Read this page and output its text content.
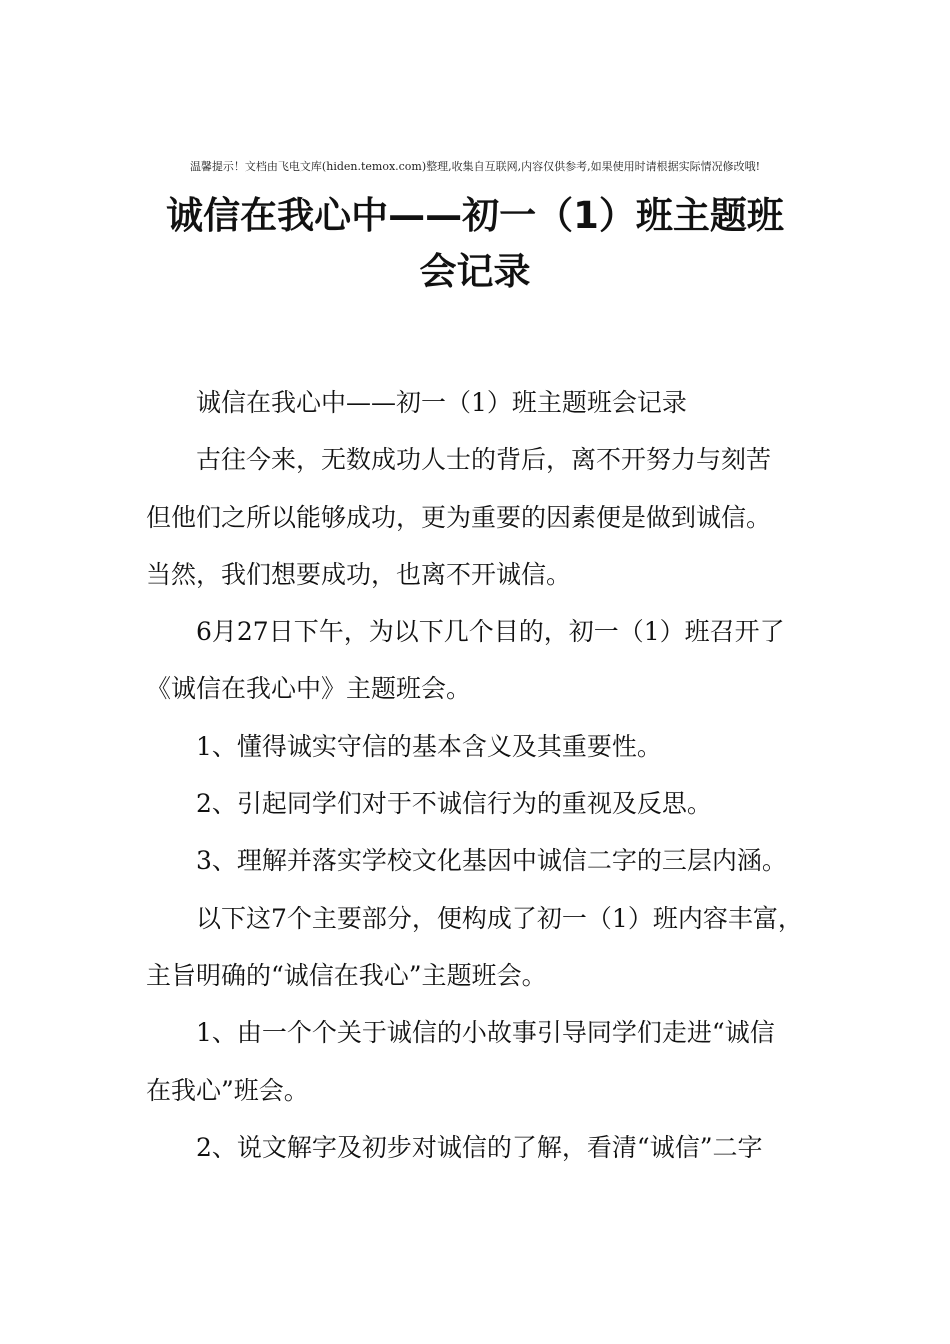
温馨提示！文档由飞电文库(hiden.temox.com)整理,收集自互联网,内容仅供参考,如果使用时请根据实际情况修改哦!
诚信在我心中——初一（1）班主题班
会记录

诚信在我心中——初一（1）班主题班会记录

古往今来，无数成功人士的背后，离不开努力与刻苦

但他们之所以能够成功，更为重要的因素便是做到诚信。

当然，我们想要成功，也离不开诚信。

6月27日下午，为以下几个目的，初一（1）班召开了

《诚信在我心中》主题班会。

1、懂得诚实守信的基本含义及其重要性。

2、引起同学们对于不诚信行为的重视及反思。

3、理解并落实学校文化基因中诚信二字的三层内涵。

以下这7个主要部分，便构成了初一（1）班内容丰富，

主旨明确的“诚信在我心”主题班会。

1、由一个个关于诚信的小故事引导同学们走进“诚信

在我心”班会。

2、说文解字及初步对诚信的了解，看清“诚信”二字
